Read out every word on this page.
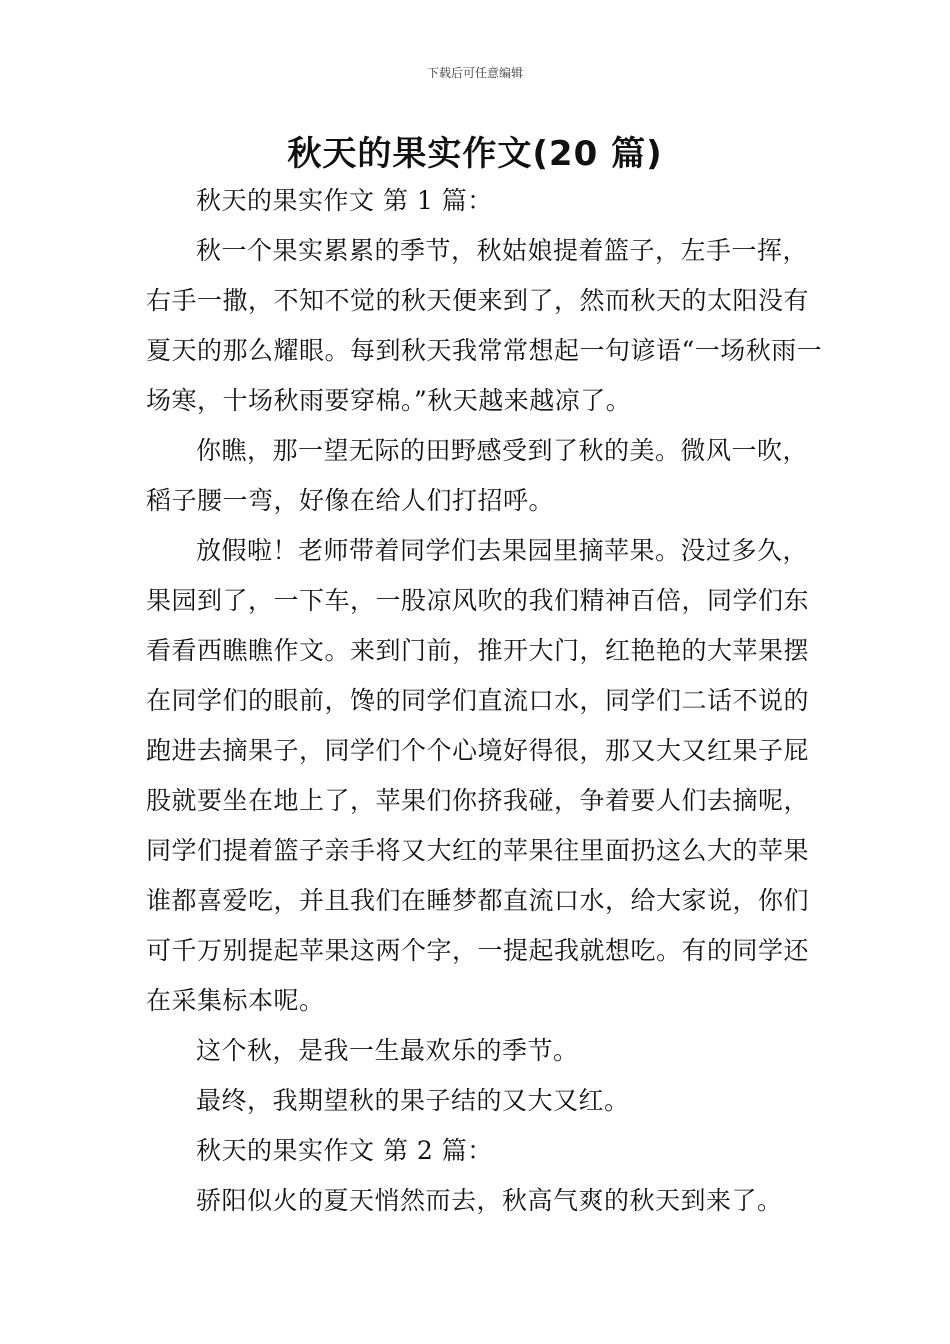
下载后可任意编辑
秋天的果实作文(20 篇)

秋天的果实作文 第 1 篇：

秋一个果实累累的季节，秋姑娘提着篮子，左手一挥，右手一撒，不知不觉的秋天便来到了，然而秋天的太阳没有夏天的那么耀眼。每到秋天我常常想起一句谚语“一场秋雨一场寒，十场秋雨要穿棉。”秋天越来越凉了。

你瞧，那一望无际的田野感受到了秋的美。微风一吹，稻子腰一弯，好像在给人们打招呼。

放假啦！老师带着同学们去果园里摘苹果。没过多久，果园到了，一下车，一股凉风吹的我们精神百倍，同学们东看看西瞧瞧作文。来到门前，推开大门，红艳艳的大苹果摆在同学们的眼前，馋的同学们直流口水，同学们二话不说的跑进去摘果子，同学们个个心境好得很，那又大又红果子屁股就要坐在地上了，苹果们你挤我碰，争着要人们去摘呢，同学们提着篮子亲手将又大红的苹果往里面扔这么大的苹果谁都喜爱吃，并且我们在睡梦都直流口水，给大家说，你们可千万别提起苹果这两个字，一提起我就想吃。有的同学还在采集标本呢。

这个秋，是我一生最欢乐的季节。

最终，我期望秋的果子结的又大又红。

秋天的果实作文 第 2 篇：

骄阳似火的夏天悄然而去，秋高气爽的秋天到来了。
